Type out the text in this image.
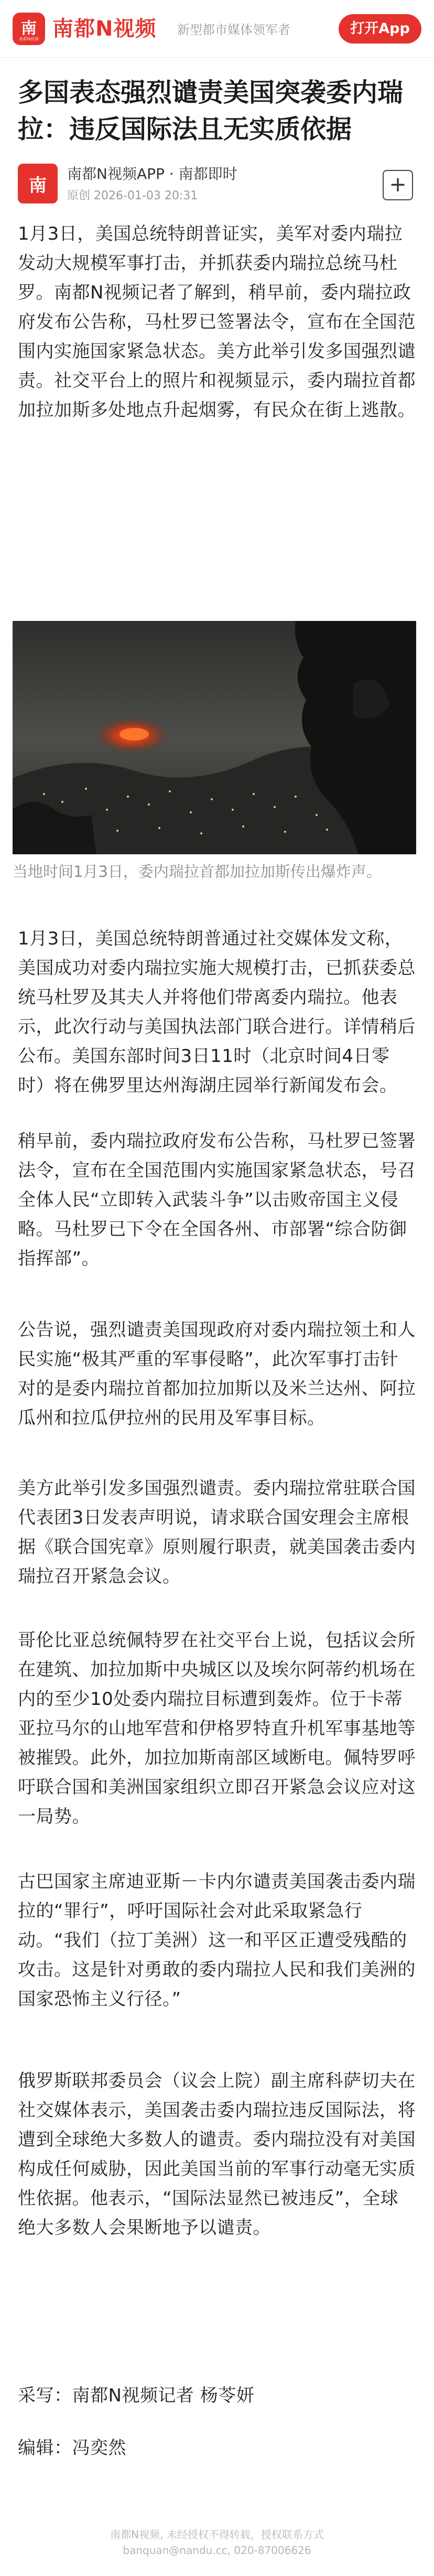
南
南都N视频 南都N视频 新型都市媒体领军者	打开App
多国表态强烈谴责美国突袭委内瑞拉：违反国际法且无实质依据
南
南都N视频APP · 南都即时
原创 2026-01-03 20:31	+

1月3日，美国总统特朗普证实，美军对委内瑞拉发动大规模军事打击，并抓获委内瑞拉总统马杜罗。南都N视频记者了解到，稍早前，委内瑞拉政府发布公告称，马杜罗已签署法令，宣布在全国范围内实施国家紧急状态。美方此举引发多国强烈谴责。社交平台上的照片和视频显示，委内瑞拉首都加拉加斯多处地点升起烟雾，有民众在街上逃散。

当地时间1月3日，委内瑞拉首都加拉加斯传出爆炸声。

1月3日，美国总统特朗普通过社交媒体发文称，美国成功对委内瑞拉实施大规模打击，已抓获委总统马杜罗及其夫人并将他们带离委内瑞拉。他表示，此次行动与美国执法部门联合进行。详情稍后公布。美国东部时间3日11时（北京时间4日零时）将在佛罗里达州海湖庄园举行新闻发布会。

稍早前，委内瑞拉政府发布公告称，马杜罗已签署法令，宣布在全国范围内实施国家紧急状态，号召全体人民“立即转入武装斗争”以击败帝国主义侵略。马杜罗已下令在全国各州、市部署“综合防御指挥部”。

公告说，强烈谴责美国现政府对委内瑞拉领土和人民实施“极其严重的军事侵略”，此次军事打击针对的是委内瑞拉首都加拉加斯以及米兰达州、阿拉瓜州和拉瓜伊拉州的民用及军事目标。

美方此举引发多国强烈谴责。委内瑞拉常驻联合国代表团3日发表声明说，请求联合国安理会主席根据《联合国宪章》原则履行职责，就美国袭击委内瑞拉召开紧急会议。

哥伦比亚总统佩特罗在社交平台上说，包括议会所在建筑、加拉加斯中央城区以及埃尔阿蒂约机场在内的至少10处委内瑞拉目标遭到轰炸。位于卡蒂亚拉马尔的山地军营和伊格罗特直升机军事基地等被摧毁。此外，加拉加斯南部区域断电。佩特罗呼吁联合国和美洲国家组织立即召开紧急会议应对这一局势。

古巴国家主席迪亚斯－卡内尔谴责美国袭击委内瑞拉的“罪行”，呼吁国际社会对此采取紧急行动。“我们（拉丁美洲）这一和平区正遭受残酷的攻击。这是针对勇敢的委内瑞拉人民和我们美洲的国家恐怖主义行径。”

俄罗斯联邦委员会（议会上院）副主席科萨切夫在社交媒体表示，美国袭击委内瑞拉违反国际法，将遭到全球绝大多数人的谴责。委内瑞拉没有对美国构成任何威胁，因此美国当前的军事行动毫无实质性依据。他表示，“国际法显然已被违反”，全球绝大多数人会果断地予以谴责。

采写：南都N视频记者 杨苓妍

编辑：冯奕然

南都N视频, 未经授权不得转载，授权联系方式
banquan@nandu.cc, 020-87006626
